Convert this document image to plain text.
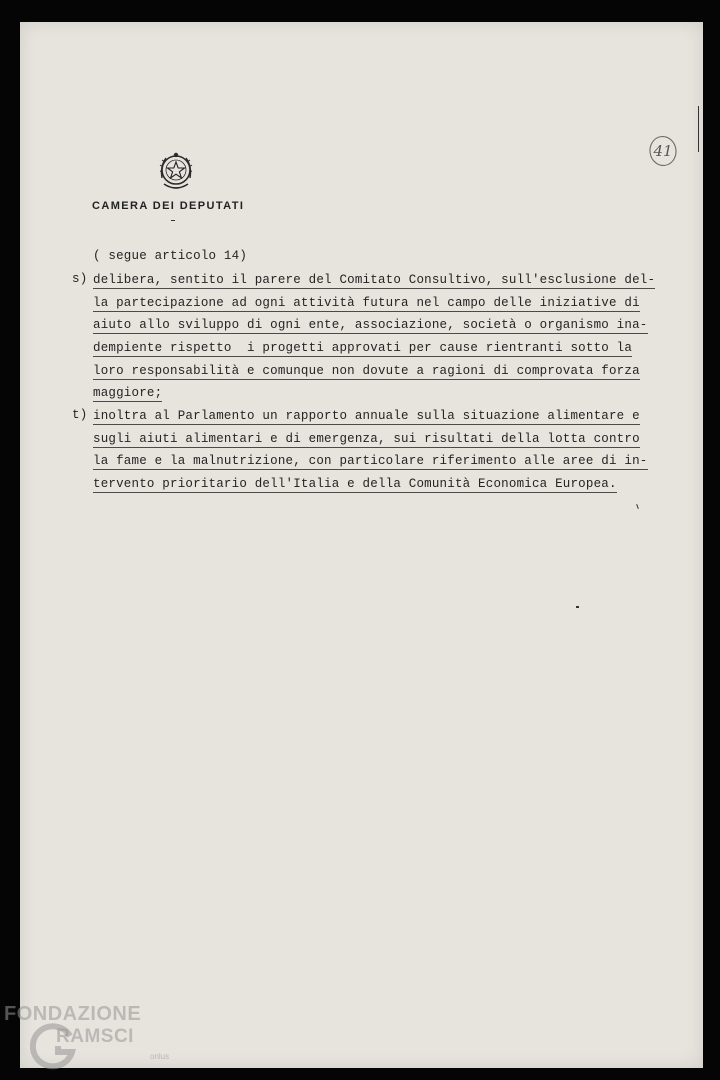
CAMERA DEI DEPUTATI
41
( segue articolo 14)
s) delibera, sentito il parere del Comitato Consultivo, sull'esclusione del-
la partecipazione ad ogni attività futura nel campo delle iniziative di
aiuto allo sviluppo di ogni ente, associazione, società o organismo ina-
dempiente rispetto  i progetti approvati per cause rientranti sotto la
loro responsabilità e comunque non dovute a ragioni di comprovata forza
maggiore;
t) inoltra al Parlamento un rapporto annuale sulla situazione alimentare e
sugli aiuti alimentari e di emergenza, sui risultati della lotta contro
la fame e la malnutrizione, con particolare riferimento alle aree di in-
tervento prioritario dell'Italia e della Comunità Economica Europea.
FONDAZIONE
RAMSCI
onlus
